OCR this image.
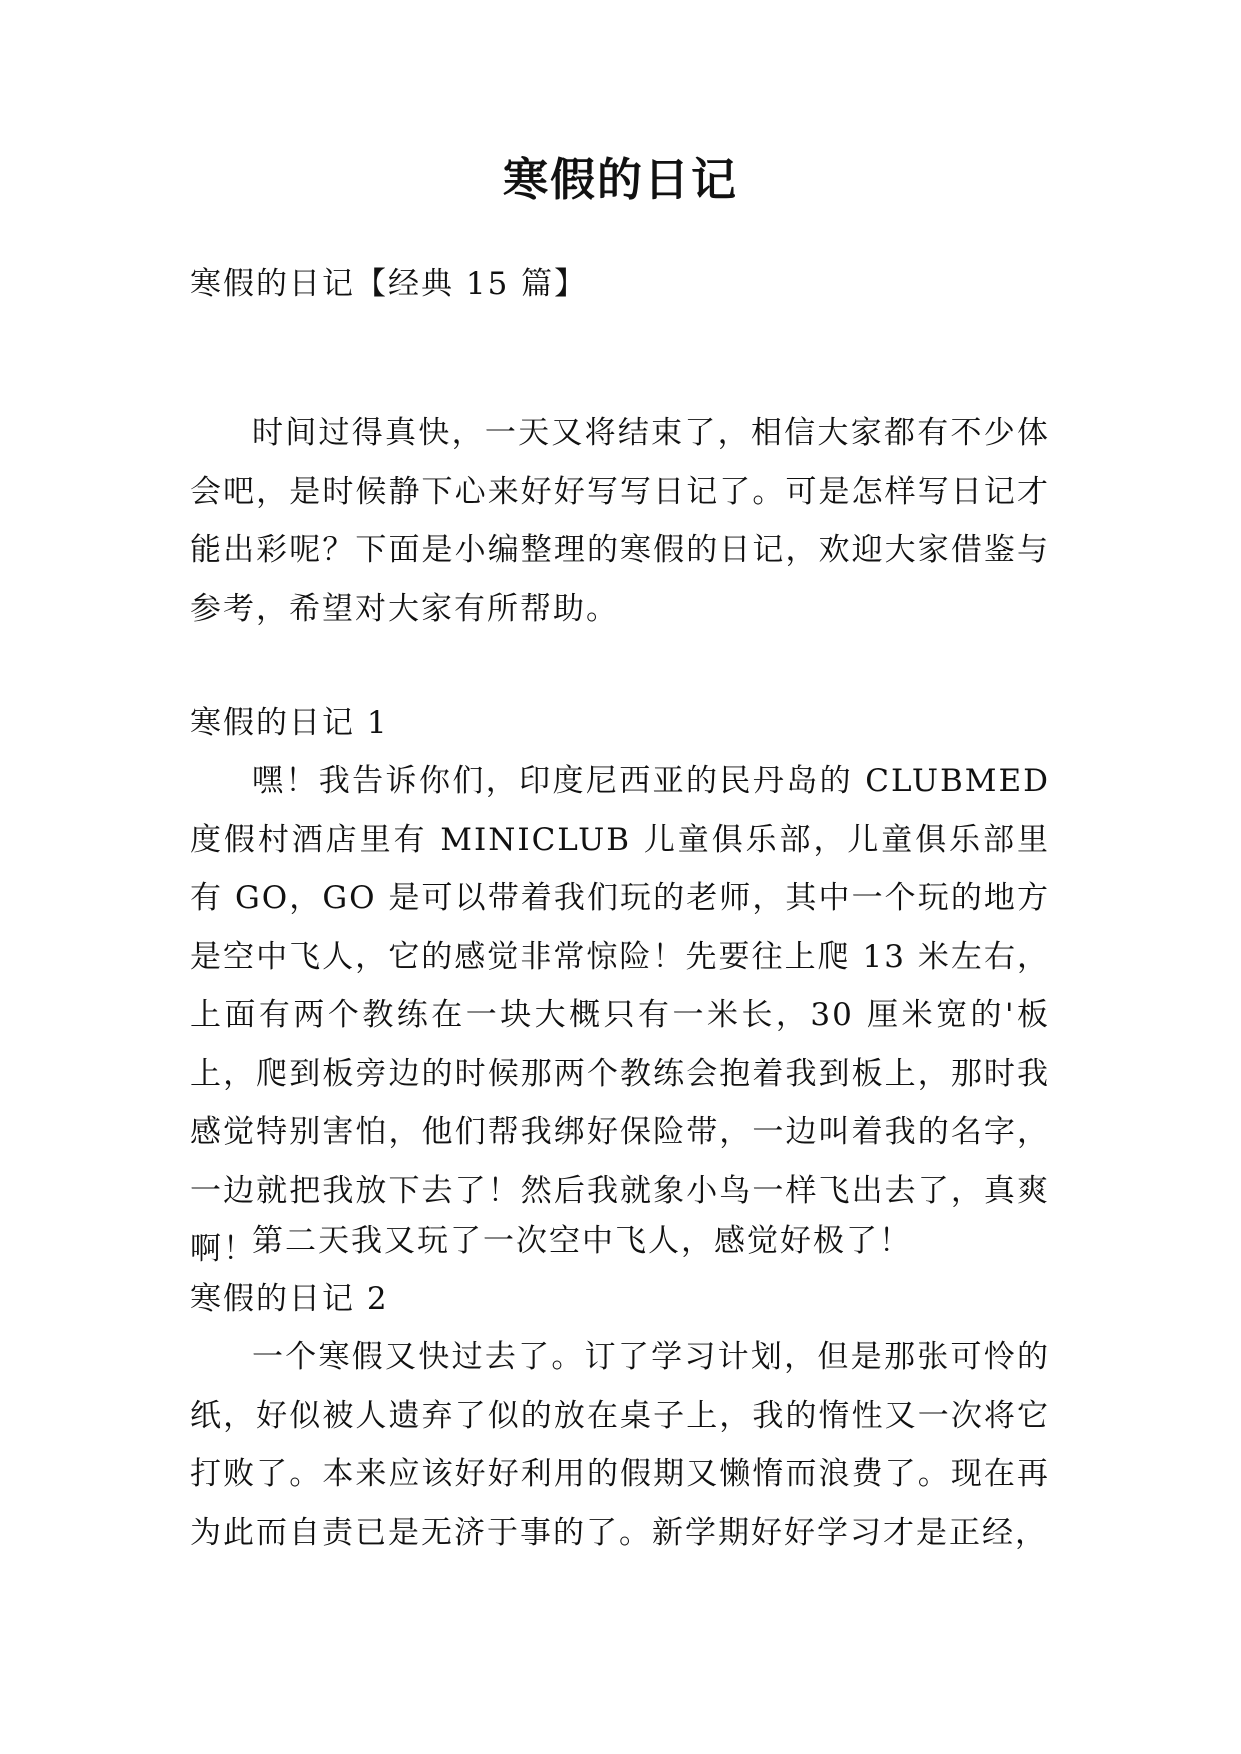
寒假的日记

寒假的日记【经典 15 篇】

时间过得真快，一天又将结束了，相信大家都有不少体会吧，是时候静下心来好好写写日记了。可是怎样写日记才能出彩呢？下面是小编整理的寒假的日记，欢迎大家借鉴与参考，希望对大家有所帮助。

寒假的日记 1

嘿！我告诉你们，印度尼西亚的民丹岛的 CLUBMED 度假村酒店里有 MINICLUB 儿童俱乐部，儿童俱乐部里有 GO，GO 是可以带着我们玩的老师，其中一个玩的地方是空中飞人，它的感觉非常惊险！先要往上爬 13 米左右，上面有两个教练在一块大概只有一米长，30 厘米宽的'板上，爬到板旁边的时候那两个教练会抱着我到板上，那时我感觉特别害怕，他们帮我绑好保险带，一边叫着我的名字，一边就把我放下去了！然后我就象小鸟一样飞出去了，真爽啊！

第二天我又玩了一次空中飞人，感觉好极了！

寒假的日记 2

一个寒假又快过去了。订了学习计划，但是那张可怜的纸，好似被人遗弃了似的放在桌子上，我的惰性又一次将它打败了。本来应该好好利用的假期又懒惰而浪费了。现在再为此而自责已是无济于事的了。新学期好好学习才是正经，
